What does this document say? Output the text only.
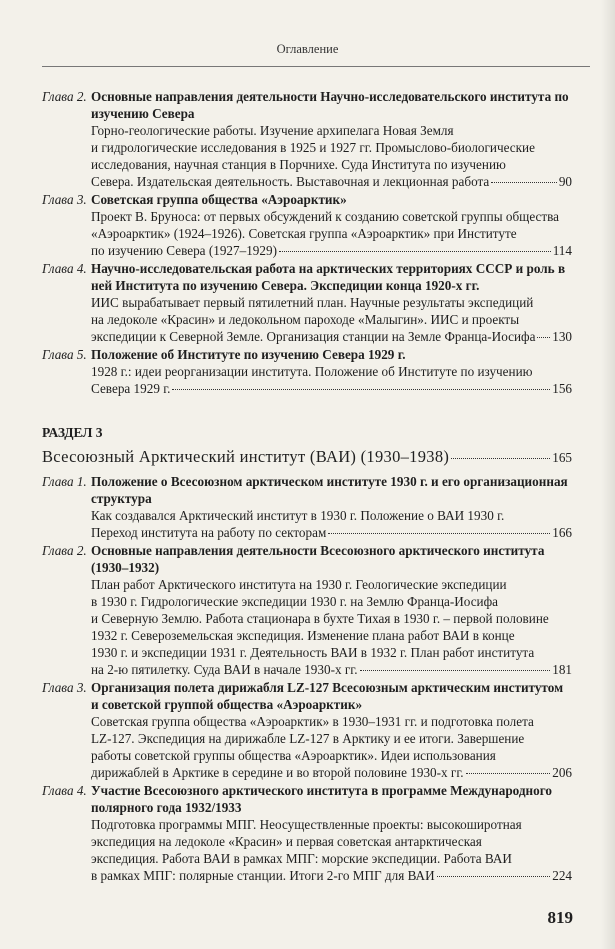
Оглавление
Глава 2. Основные направления деятельности Научно-исследовательского института по изучению Севера
Горно-геологические работы. Изучение архипелага Новая Земля
и гидрологические исследования в 1925 и 1927 гг. Промыслово-биологические
исследования, научная станция в Порчнихе. Суда Института по изучению
Севера. Издательская деятельность. Выставочная и лекционная работа	90
Глава 3. Советская группа общества «Аэроарктик»
Проект В. Бруноса: от первых обсуждений к созданию советской группы общества
«Аэроарктик» (1924–1926). Советская группа «Аэроарктик» при Институте
по изучению Севера (1927–1929)	114
Глава 4. Научно-исследовательская работа на арктических территориях СССР и роль в ней Института по изучению Севера. Экспедиции конца 1920-х гг.
ИИС вырабатывает первый пятилетний план. Научные результаты экспедиций
на ледоколе «Красин» и ледокольном пароходе «Малыгин». ИИС и проекты
экспедиции к Северной Земле. Организация станции на Земле Франца-Иосифа 130
Глава 5. Положение об Институте по изучению Севера 1929 г.
1928 г.: идеи реорганизации института. Положение об Институте по изучению
Севера 1929 г.	156
РАЗДЕЛ 3
Всесоюзный Арктический институт (ВАИ) (1930–1938)	165
Глава 1. Положение о Всесоюзном арктическом институте 1930 г. и его организационная структура
Как создавался Арктический институт в 1930 г. Положение о ВАИ 1930 г.
Переход института на работу по секторам	166
Глава 2. Основные направления деятельности Всесоюзного арктического института (1930–1932)
План работ Арктического института на 1930 г. Геологические экспедиции
в 1930 г. Гидрологические экспедиции 1930 г. на Землю Франца-Иосифа
и Северную Землю. Работа стационара в бухте Тихая в 1930 г. – первой половине
1932 г. Североземельская экспедиция. Изменение плана работ ВАИ в конце
1930 г. и экспедиции 1931 г. Деятельность ВАИ в 1932 г. План работ института
на 2-ю пятилетку. Суда ВАИ в начале 1930-х гг.	181
Глава 3. Организация полета дирижабля LZ-127 Всесоюзным арктическим институтом и советской группой общества «Аэроарктик»
Советская группа общества «Аэроарктик» в 1930–1931 гг. и подготовка полета
LZ-127. Экспедиция на дирижабле LZ-127 в Арктику и ее итоги. Завершение
работы советской группы общества «Аэроарктик». Идеи использования
дирижаблей в Арктике в середине и во второй половине 1930-х гг.	206
Глава 4. Участие Всесоюзного арктического института в программе Международного полярного года 1932/1933
Подготовка программы МПГ. Неосуществленные проекты: высокоширотная
экспедиция на ледоколе «Красин» и первая советская антарктическая
экспедиция. Работа ВАИ в рамках МПГ: морские экспедиции. Работа ВАИ
в рамках МПГ: полярные станции. Итоги 2-го МПГ для ВАИ	224
819
